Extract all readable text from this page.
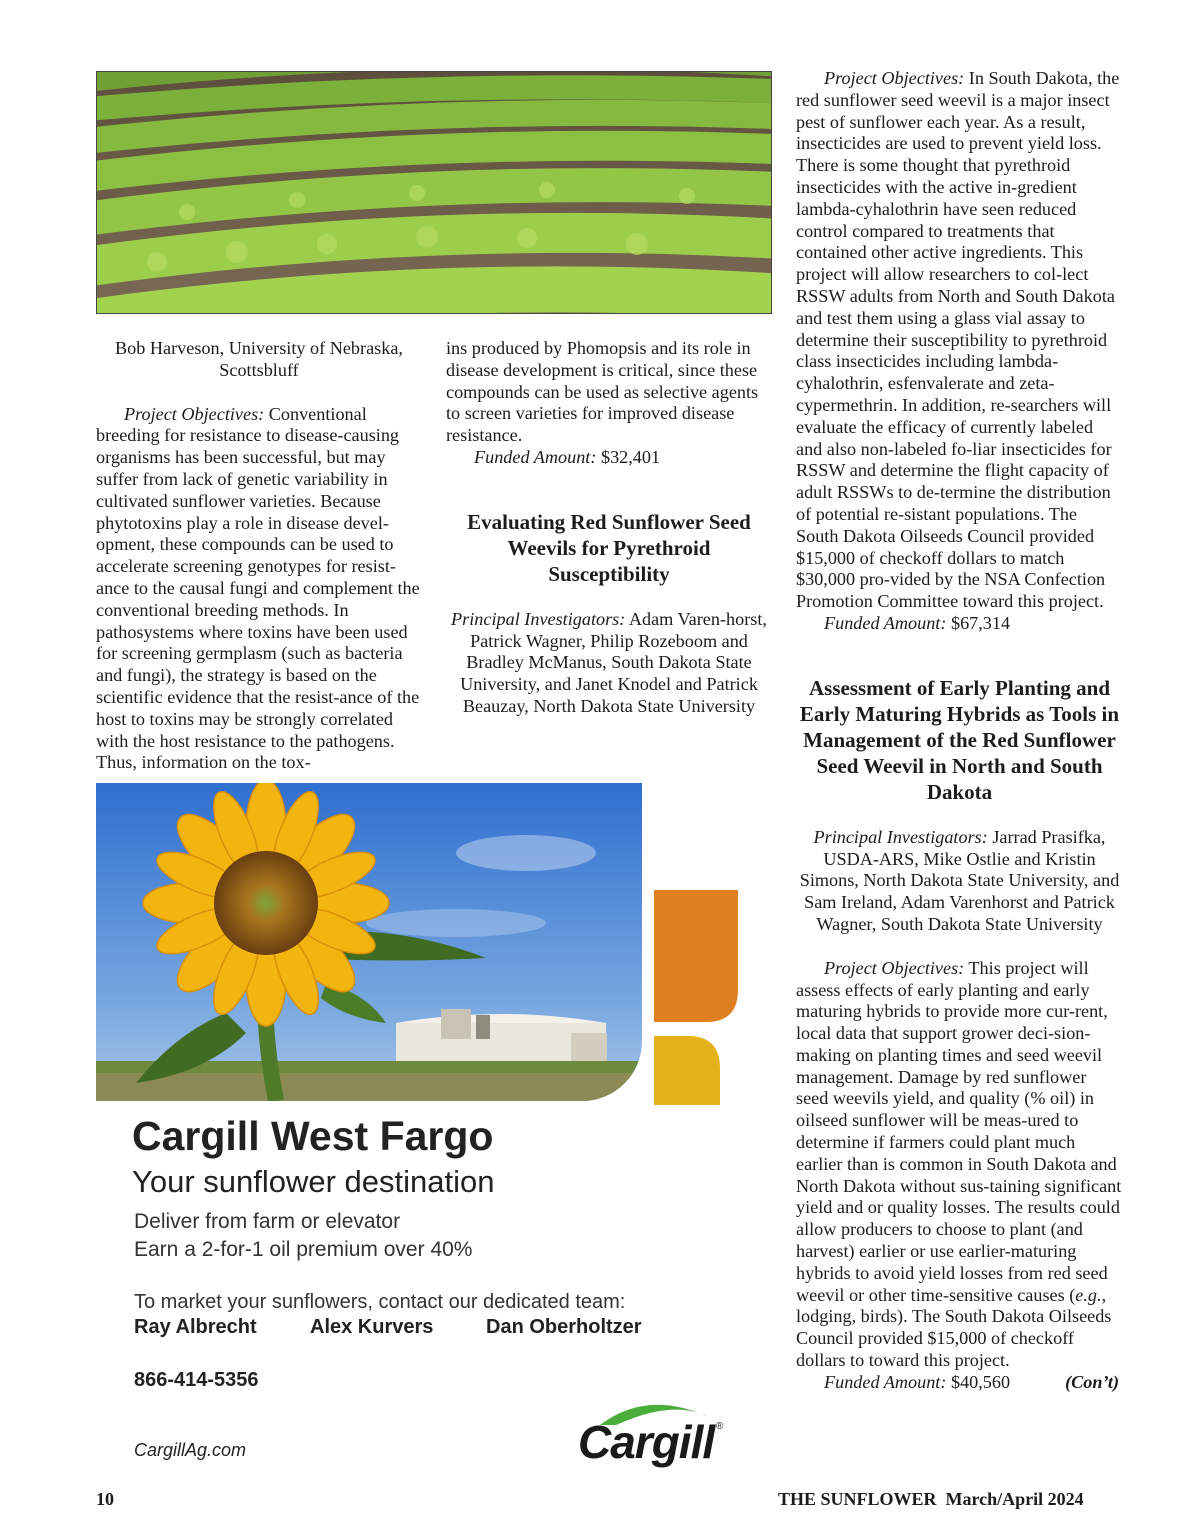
Bob Harveson, University of Nebraska, Scottsbluff

Project Objectives: Conventional breeding for resistance to disease-causing organisms has been successful, but may suffer from lack of genetic variability in cultivated sunflower varieties. Because phytotoxins play a role in disease devel-opment, these compounds can be used to accelerate screening genotypes for resist-ance to the causal fungi and complement the conventional breeding methods. In pathosystems where toxins have been used for screening germplasm (such as bacteria and fungi), the strategy is based on the scientific evidence that the resist-ance of the host to toxins may be strongly correlated with the host resistance to the pathogens. Thus, information on the tox-

ins produced by Phomopsis and its role in disease development is critical, since these compounds can be used as selective agents to screen varieties for improved disease resistance.

Funded Amount: $32,401

Evaluating Red Sunflower Seed Weevils for Pyrethroid Susceptibility

Principal Investigators: Adam Varen-horst, Patrick Wagner, Philip Rozeboom and Bradley McManus, South Dakota State University, and Janet Knodel and Patrick Beauzay, North Dakota State University

Project Objectives: In South Dakota, the red sunflower seed weevil is a major insect pest of sunflower each year. As a result, insecticides are used to prevent yield loss. There is some thought that pyrethroid insecticides with the active in-gredient lambda-cyhalothrin have seen reduced control compared to treatments that contained other active ingredients. This project will allow researchers to col-lect RSSW adults from North and South Dakota and test them using a glass vial assay to determine their susceptibility to pyrethroid class insecticides including lambda-cyhalothrin, esfenvalerate and zeta-cypermethrin. In addition, re-searchers will evaluate the efficacy of currently labeled and also non-labeled fo-liar insecticides for RSSW and determine the flight capacity of adult RSSWs to de-termine the distribution of potential re-sistant populations. The South Dakota Oilseeds Council provided $15,000 of checkoff dollars to match $30,000 pro-vided by the NSA Confection Promotion Committee toward this project.

Funded Amount: $67,314

Assessment of Early Planting and Early Maturing Hybrids as Tools in Management of the Red Sunflower Seed Weevil in North and South Dakota

Principal Investigators: Jarrad Prasifka, USDA-ARS, Mike Ostlie and Kristin Simons, North Dakota State University, and Sam Ireland, Adam Varenhorst and Patrick Wagner, South Dakota State University

Project Objectives: This project will assess effects of early planting and early maturing hybrids to provide more cur-rent, local data that support grower deci-sion-making on planting times and seed weevil management. Damage by red sunflower seed weevils yield, and quality (% oil) in oilseed sunflower will be meas-ured to determine if farmers could plant much earlier than is common in South Dakota and North Dakota without sus-taining significant yield and or quality losses. The results could allow producers to choose to plant (and harvest) earlier or use earlier-maturing hybrids to avoid yield losses from red seed weevil or other time-sensitive causes (e.g., lodging, birds). The South Dakota Oilseeds Council provided $15,000 of checkoff dollars to toward this project.

Funded Amount: $40,560	(Con’t)

Cargill West Fargo
Your sunflower destination
Deliver from farm or elevator
Earn a 2-for-1 oil premium over 40%
To market your sunflowers, contact our dedicated team:
Ray Albrecht	Alex Kurvers	Dan Oberholtzer
866-414-5356
CargillAg.com	Cargill ®
10	THE SUNFLOWER  March/April 2024
